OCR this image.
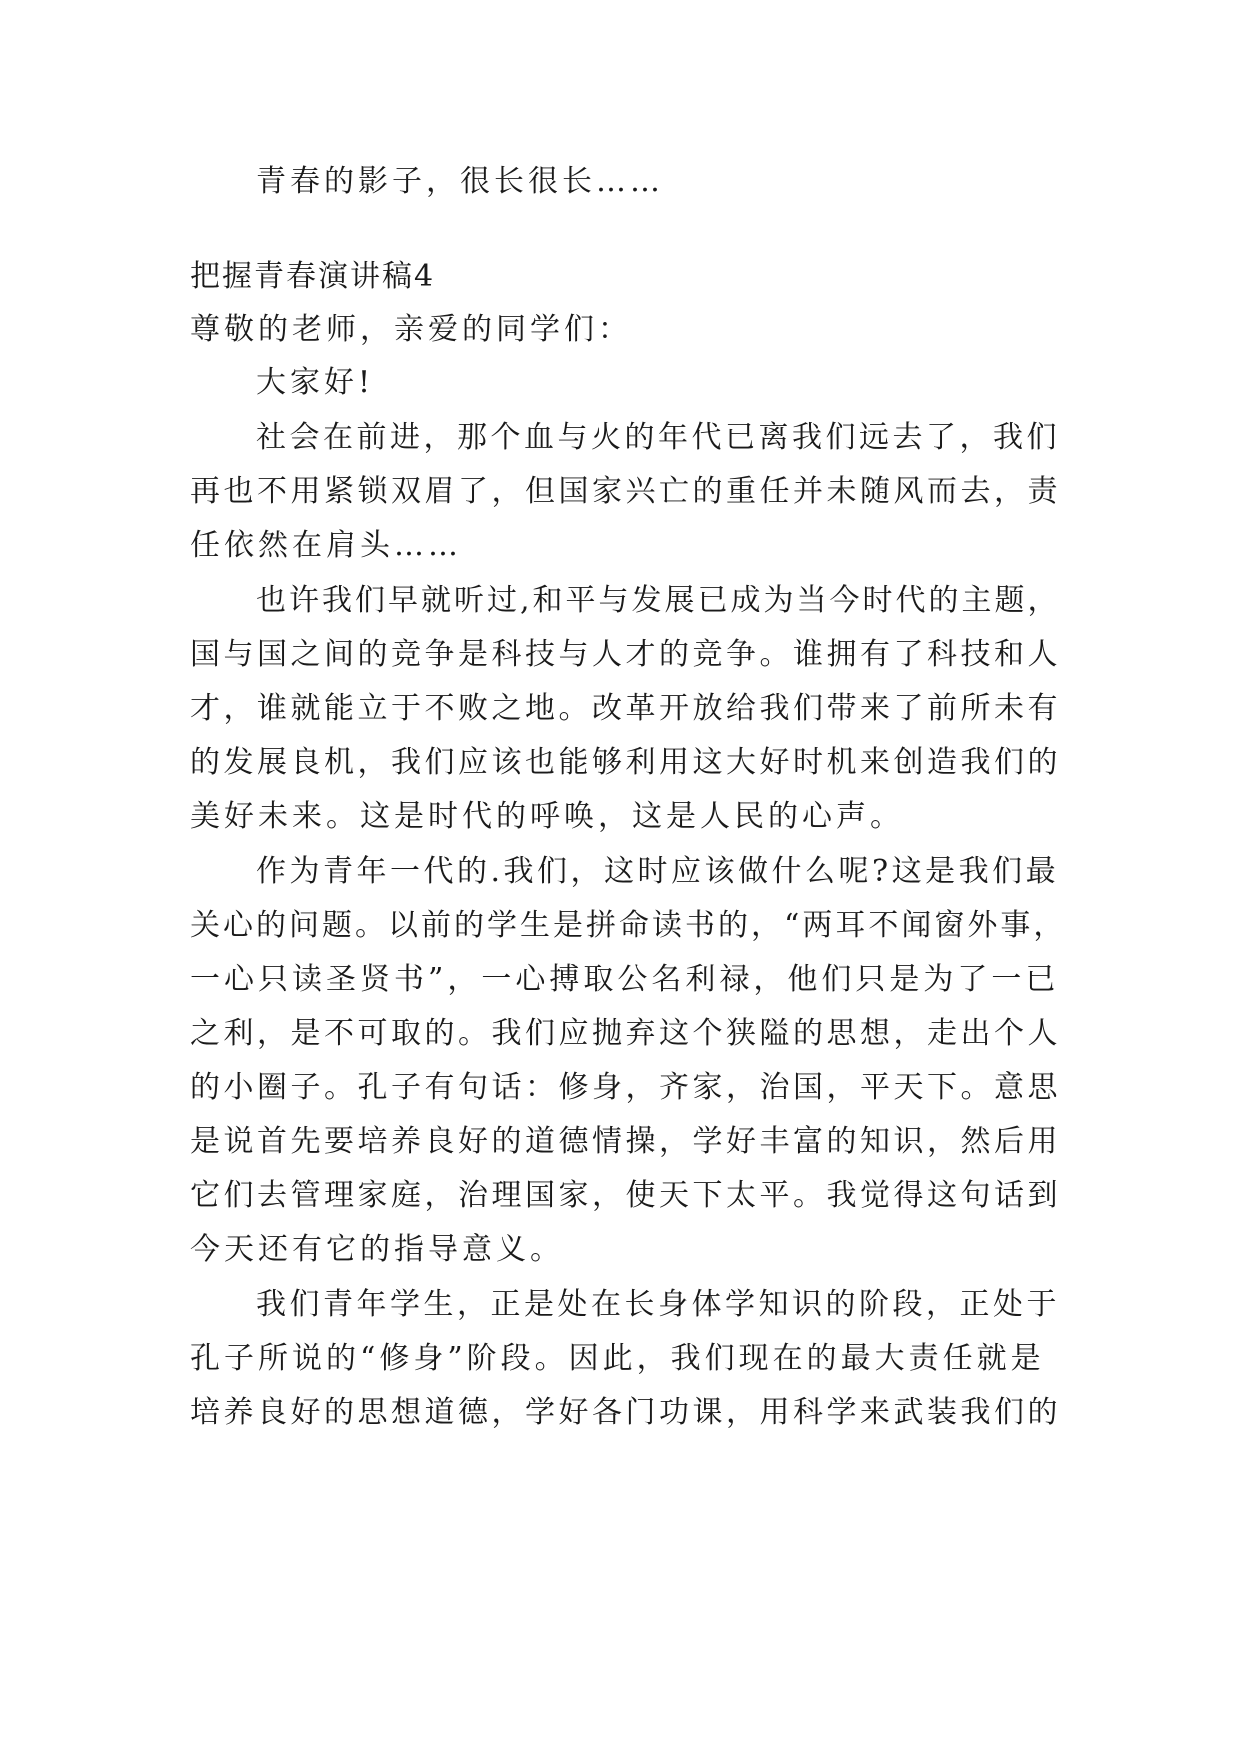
青春的影子，很长很长……
把握青春演讲稿4
尊敬的老师，亲爱的同学们：
大家好!
社会在前进，那个血与火的年代已离我们远去了，我们
再也不用紧锁双眉了，但国家兴亡的重任并未随风而去，责
任依然在肩头……
也许我们早就听过,和平与发展已成为当今时代的主题，
国与国之间的竞争是科技与人才的竞争。谁拥有了科技和人
才，谁就能立于不败之地。改革开放给我们带来了前所未有
的发展良机，我们应该也能够利用这大好时机来创造我们的
美好未来。这是时代的呼唤，这是人民的心声。
作为青年一代的.我们，这时应该做什么呢?这是我们最
关心的问题。以前的学生是拼命读书的，“两耳不闻窗外事，
一心只读圣贤书”，一心搏取公名利禄，他们只是为了一已
之利，是不可取的。我们应抛弃这个狭隘的思想，走出个人
的小圈子。孔子有句话：修身，齐家，治国，平天下。意思
是说首先要培养良好的道德情操，学好丰富的知识，然后用
它们去管理家庭，治理国家，使天下太平。我觉得这句话到
今天还有它的指导意义。
我们青年学生，正是处在长身体学知识的阶段，正处于
孔子所说的“修身”阶段。因此，我们现在的最大责任就是
培养良好的思想道德，学好各门功课，用科学来武装我们的
